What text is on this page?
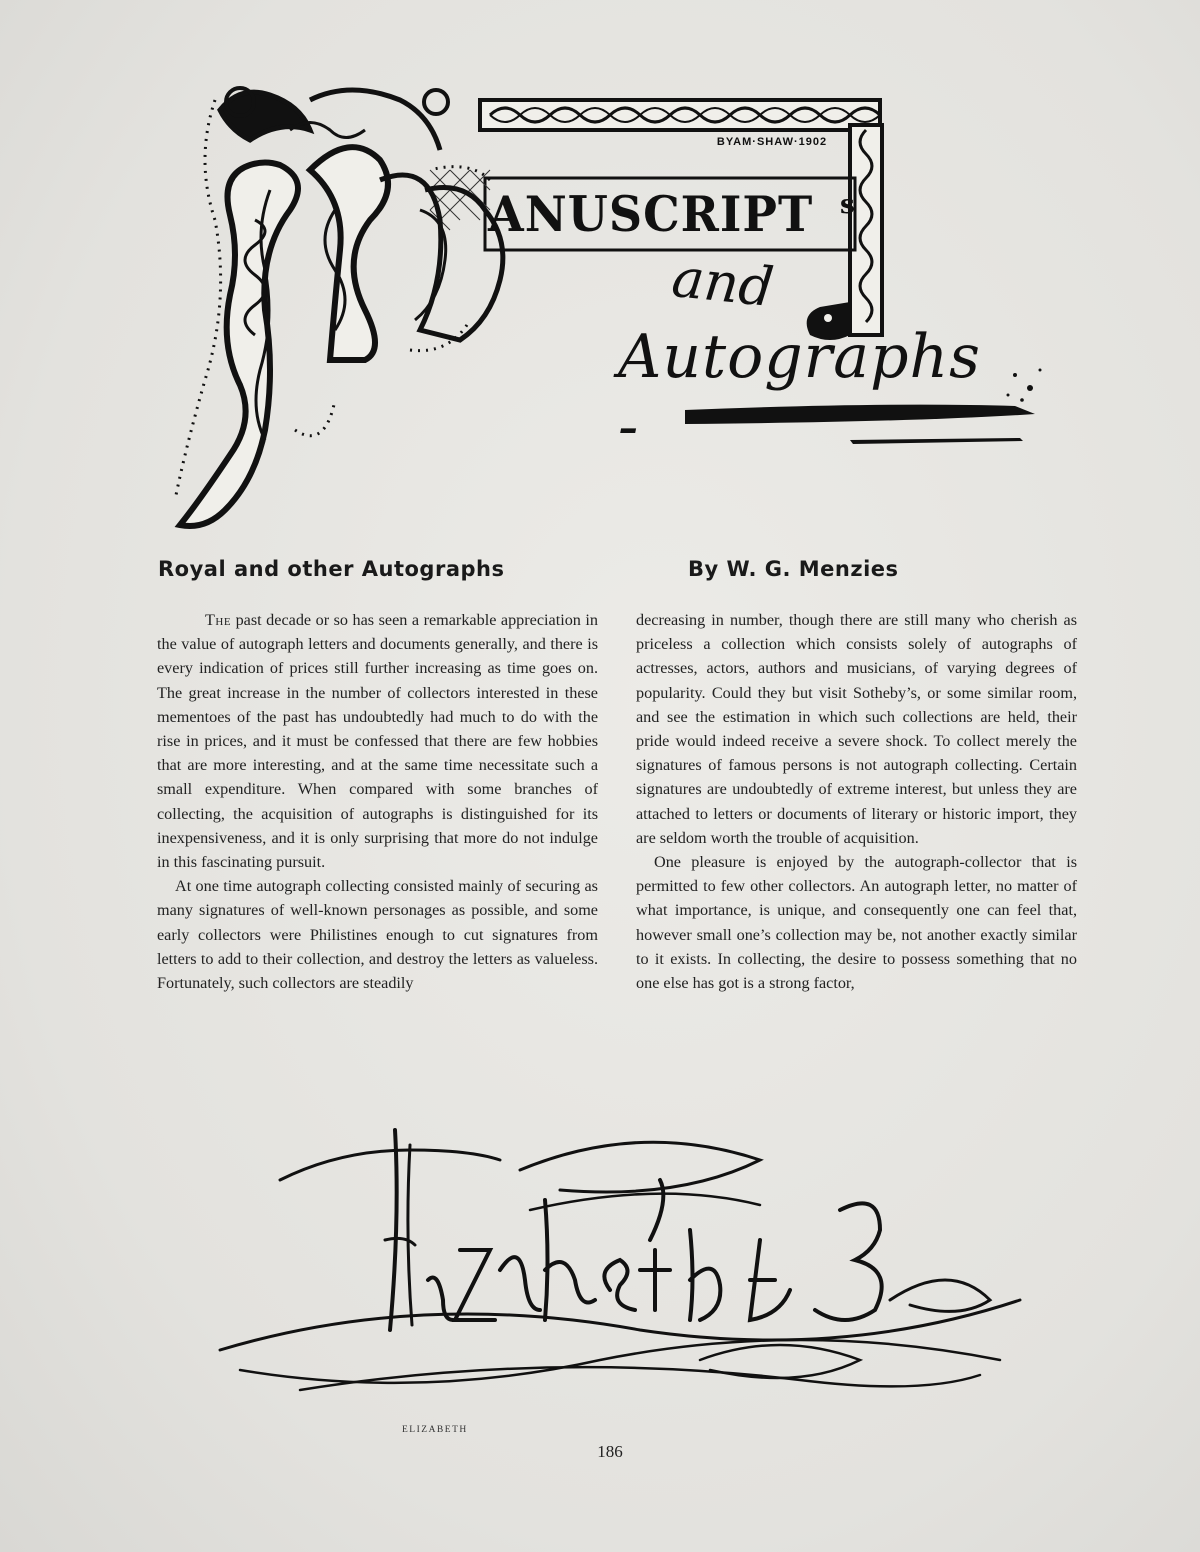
BYAM·SHAW·1902
ANUSCRIPT	s
and
Autographs -
Royal and other Autographs	By W. G. Menzies

The past decade or so has seen a remarkable appreciation in the value of autograph letters and documents generally, and there is every indication of prices still further increasing as time goes on. The great increase in the number of collectors interested in these mementoes of the past has undoubtedly had much to do with the rise in prices, and it must be confessed that there are few hobbies that are more interesting, and at the same time necessitate such a small expenditure. When compared with some branches of collecting, the acquisition of autographs is distinguished for its inexpensiveness, and it is only surprising that more do not indulge in this fascinating pursuit.

At one time autograph collecting consisted mainly of securing as many signatures of well-known personages as possible, and some early collectors were Philistines enough to cut signatures from letters to add to their collection, and destroy the letters as valueless. Fortunately, such collectors are steadily

decreasing in number, though there are still many who cherish as priceless a collection which consists solely of autographs of actresses, actors, authors and musicians, of varying degrees of popularity. Could they but visit Sotheby’s, or some similar room, and see the estimation in which such collections are held, their pride would indeed receive a severe shock. To collect merely the signatures of famous persons is not autograph collecting. Certain signatures are undoubtedly of extreme interest, but unless they are attached to letters or documents of literary or historic import, they are seldom worth the trouble of acquisition.

One pleasure is enjoyed by the autograph-collector that is permitted to few other collectors. An autograph letter, no matter of what importance, is unique, and consequently one can feel that, however small one’s collection may be, not another exactly similar to it exists. In collecting, the desire to possess something that no one else has got is a strong factor,

ELIZABETH
186
